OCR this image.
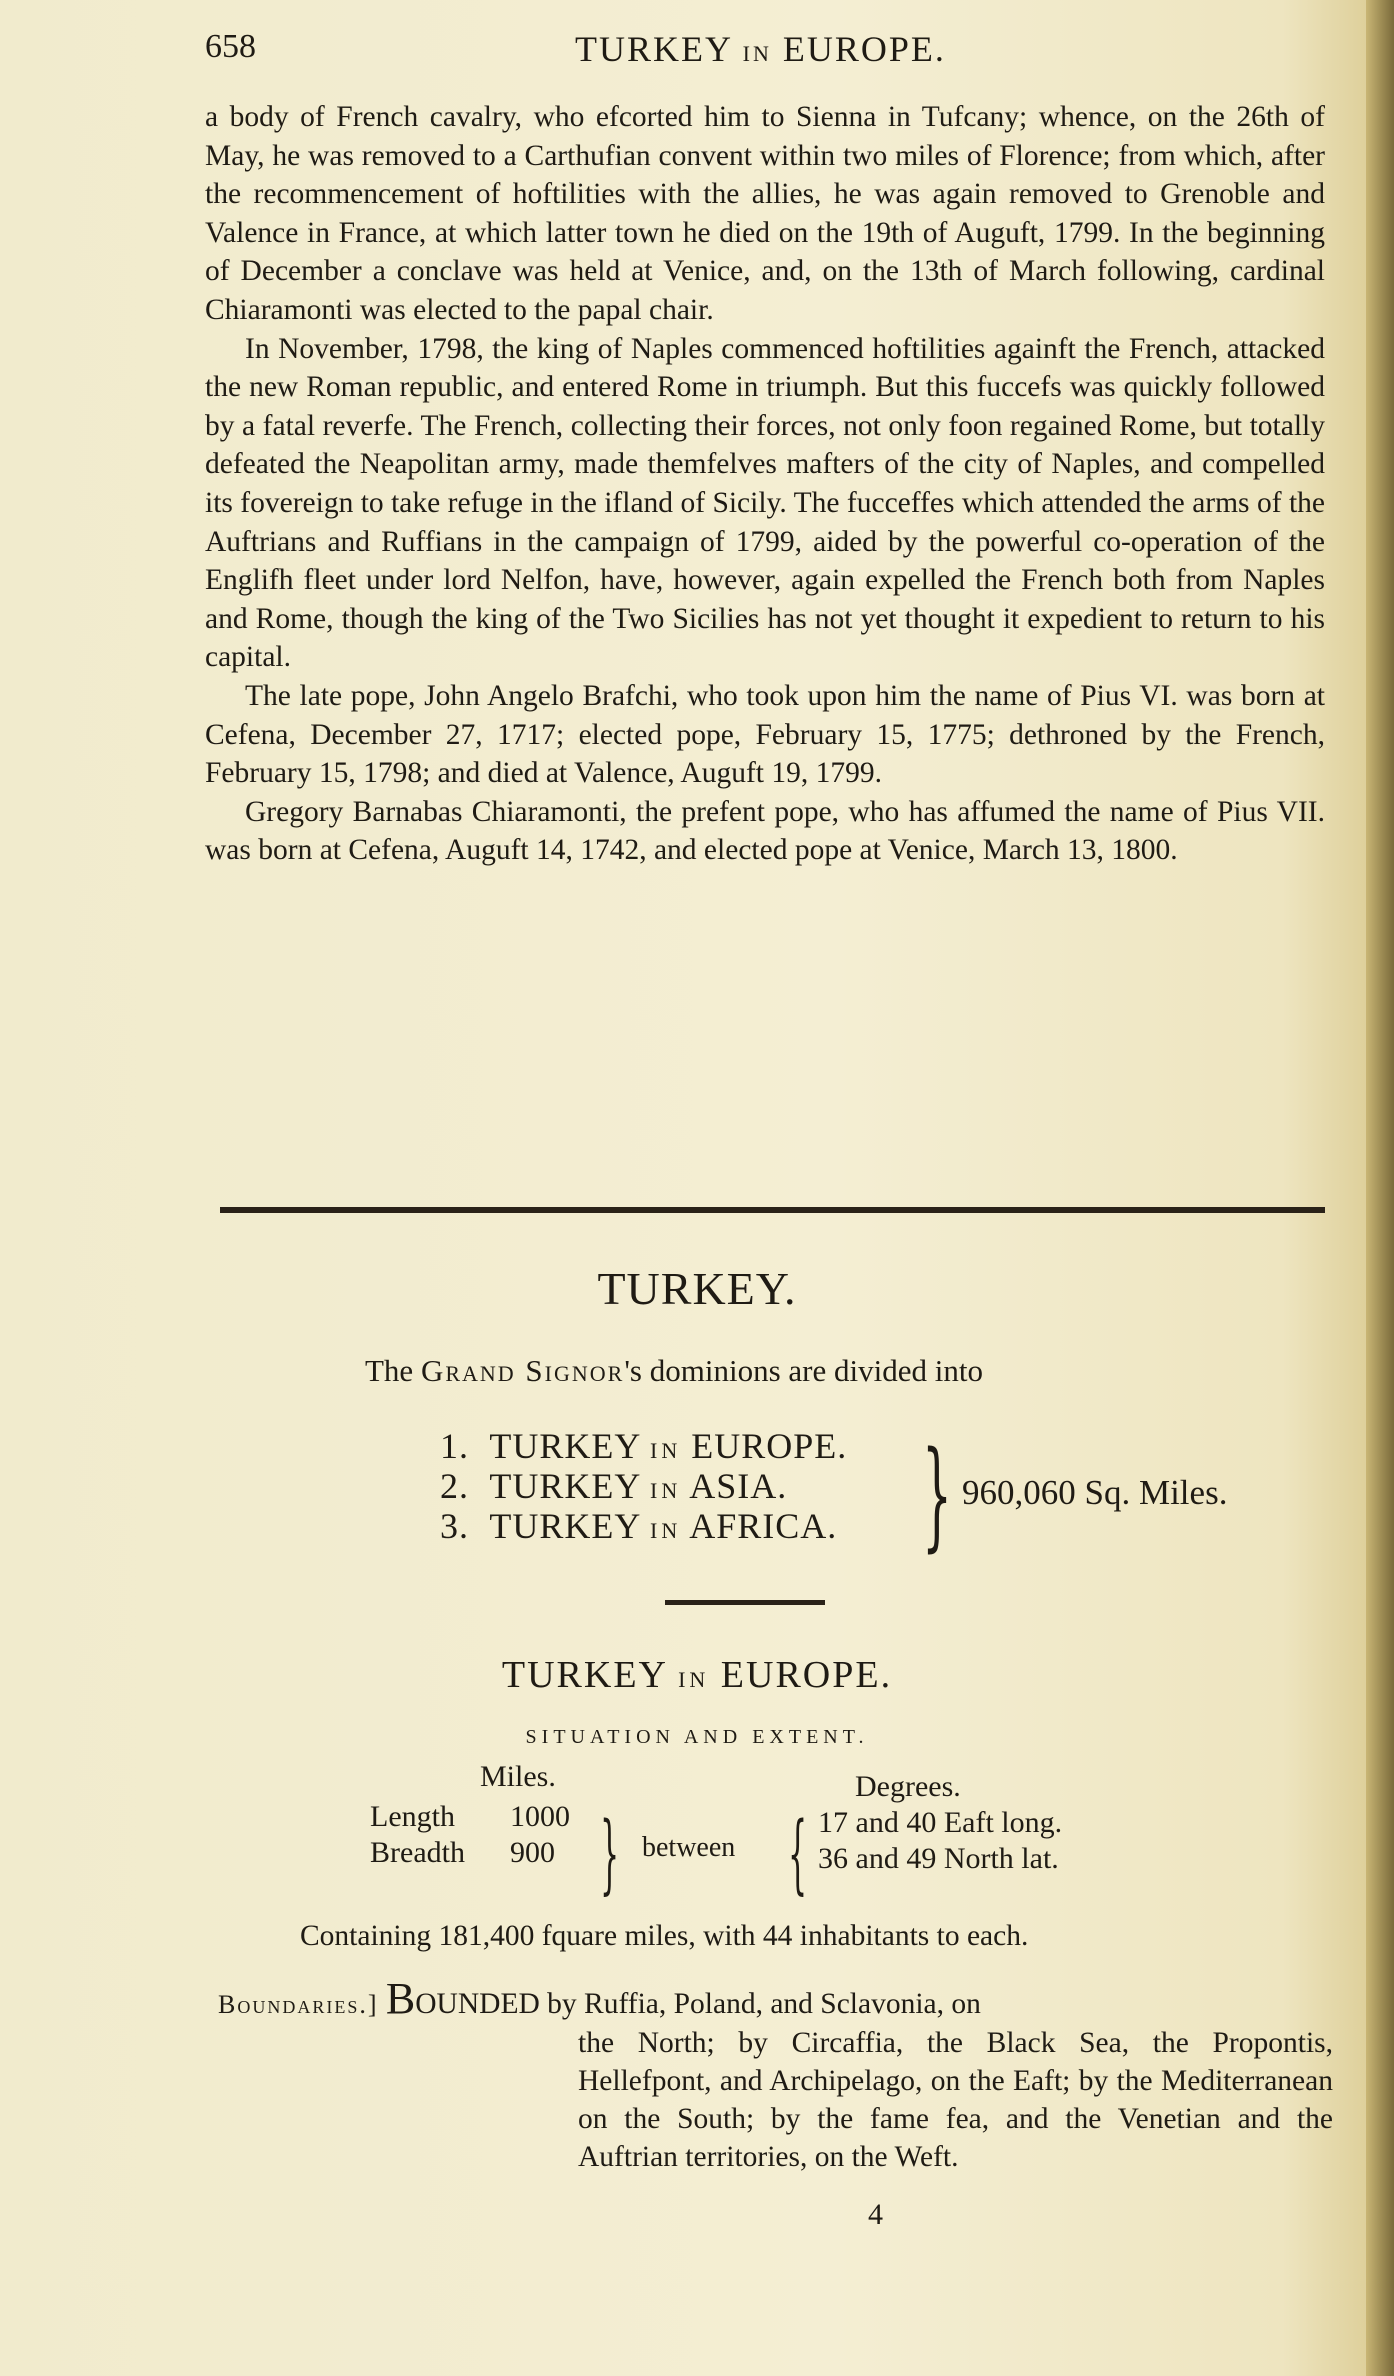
658	TURKEY IN EUROPE.

a body of French cavalry, who efcorted him to Sienna in Tufcany; whence, on the 26th of May, he was removed to a Carthufian convent within two miles of Florence; from which, after the recommencement of hoftilities with the allies, he was again removed to Grenoble and Valence in France, at which latter town he died on the 19th of Auguft, 1799. In the beginning of December a conclave was held at Venice, and, on the 13th of March following, cardinal Chiaramonti was elected to the papal chair.

In November, 1798, the king of Naples commenced hoftilities againft the French, attacked the new Roman republic, and entered Rome in triumph. But this fuccefs was quickly followed by a fatal reverfe. The French, collecting their forces, not only foon regained Rome, but totally defeated the Neapolitan army, made themfelves mafters of the city of Naples, and compelled its fovereign to take refuge in the ifland of Sicily. The fucceffes which attended the arms of the Auftrians and Ruffians in the campaign of 1799, aided by the powerful co-operation of the Englifh fleet under lord Nelfon, have, however, again expelled the French both from Naples and Rome, though the king of the Two Sicilies has not yet thought it expedient to return to his capital.

The late pope, John Angelo Brafchi, who took upon him the name of Pius VI. was born at Cefena, December 27, 1717; elected pope, February 15, 1775; dethroned by the French, February 15, 1798; and died at Valence, Auguft 19, 1799.

Gregory Barnabas Chiaramonti, the prefent pope, who has affumed the name of Pius VII. was born at Cefena, Auguft 14, 1742, and elected pope at Venice, March 13, 1800.

TURKEY.
The Grand Signor's dominions are divided into
1. TURKEY IN EUROPE.
2. TURKEY IN ASIA.
3. TURKEY IN AFRICA. } 960,060 Sq. Miles.
TURKEY IN EUROPE.
SITUATION AND EXTENT.
Miles.	Degrees.
Length 1000
Breadth 900 } between { 17 and 40 Eaft long.
36 and 49 North lat.
Containing 181,400 fquare miles, with 44 inhabitants to each.
Boundaries.] BOUNDED by Ruffia, Poland, and Sclavonia, on
the North; by Circaffia, the Black Sea, the Propontis, Hellefpont, and Archipelago, on the Eaft; by the Mediterranean on the South; by the fame fea, and the Venetian and the Auftrian territories, on the Weft.
4
